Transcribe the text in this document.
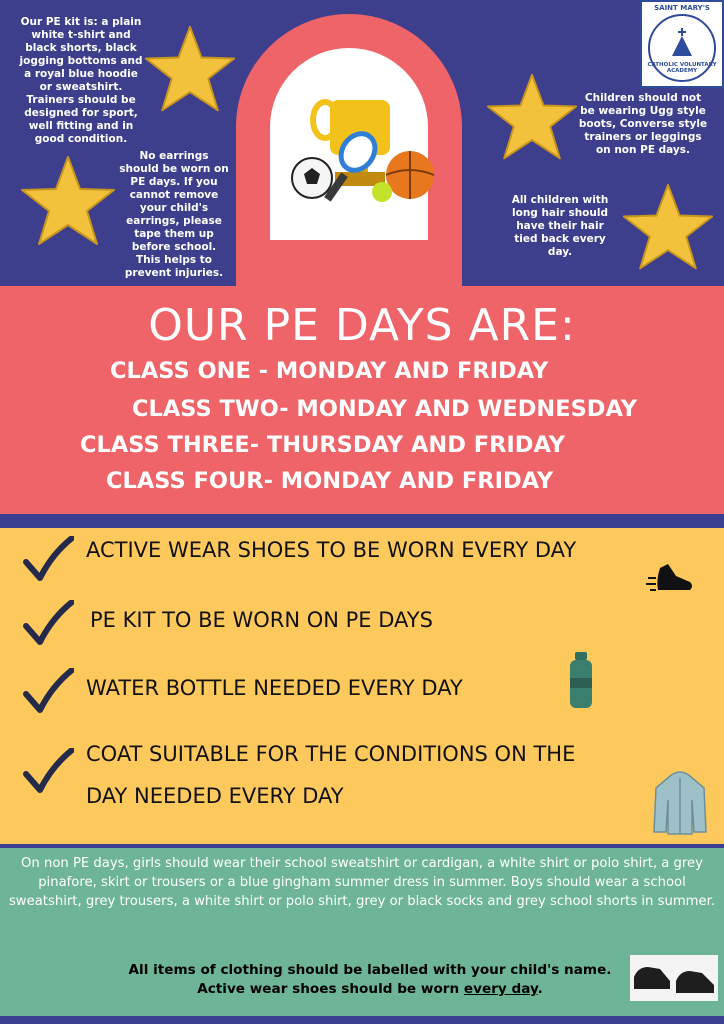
Our PE kit is: a plain white t-shirt and black shorts, black jogging bottoms and a royal blue hoodie or sweatshirt. Trainers should be designed for sport, well fitting and in good condition.
No earrings should be worn on PE days. If you cannot remove your child's earrings, please tape them up before school. This helps to prevent injuries.
Children should not be wearing Ugg style boots, Converse style trainers or leggings on non PE days.
All children with long hair should have their hair tied back every day.
SAINT MARY'S
CATHOLIC VOLUNTARY ACADEMY
OUR PE DAYS ARE:
CLASS ONE - MONDAY AND FRIDAY
CLASS TWO- MONDAY AND WEDNESDAY
CLASS THREE- THURSDAY AND FRIDAY
CLASS FOUR- MONDAY AND FRIDAY
ACTIVE WEAR SHOES TO BE WORN EVERY DAY
PE KIT TO BE WORN ON PE DAYS
WATER BOTTLE NEEDED EVERY DAY
COAT SUITABLE FOR THE CONDITIONS ON THE
DAY NEEDED EVERY DAY
On non PE days, girls should wear their school sweatshirt or cardigan, a white shirt or polo shirt, a grey pinafore, skirt or trousers or a blue gingham summer dress in summer. Boys should wear a school sweatshirt, grey trousers, a white shirt or polo shirt, grey or black socks and grey school shorts in summer.
All items of clothing should be labelled with your child's name.
Active wear shoes should be worn every day.
